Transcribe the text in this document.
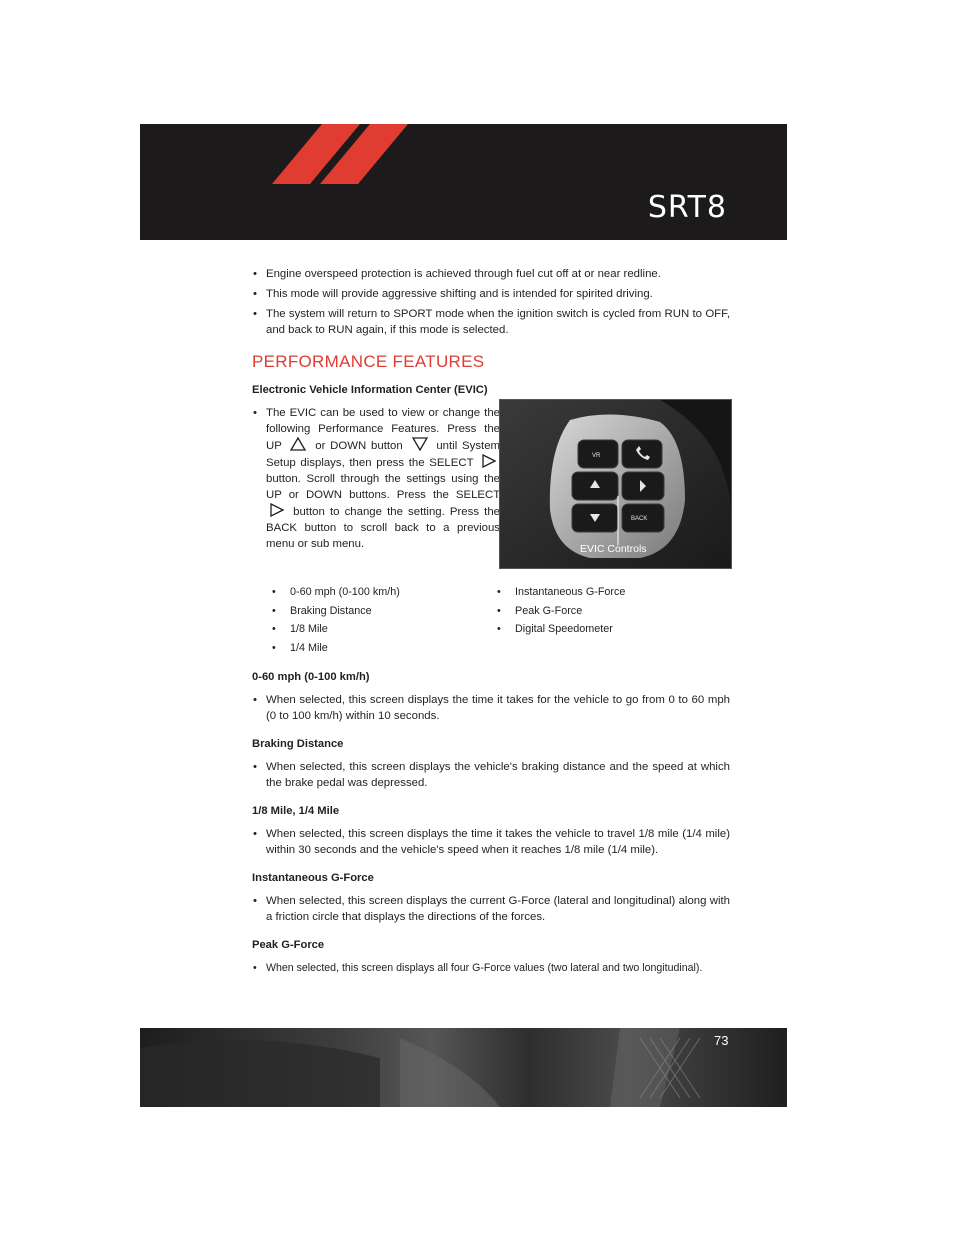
SRT8
• Engine overspeed protection is achieved through fuel cut off at or near redline.
• This mode will provide aggressive shifting and is intended for spirited driving.
• The system will return to SPORT mode when the ignition switch is cycled from RUN to OFF, and back to RUN again, if this mode is selected.
PERFORMANCE FEATURES
Electronic Vehicle Information Center (EVIC)
• The EVIC can be used to view or change the following Performance Features. Press the UP	or DOWN button	until System Setup displays, then press the SELECT  button. Scroll through the settings using the UP or DOWN buttons. Press the SELECT  button to change the setting. Press the BACK button to scroll back to a previous menu or sub menu.
VR
BACK
EVIC Controls
• 0-60 mph (0-100 km/h)	• Instantaneous G-Force
• Braking Distance	• Peak G-Force
• 1/8 Mile	• Digital Speedometer
• 1/4 Mile
0-60 mph (0-100 km/h)
• When selected, this screen displays the time it takes for the vehicle to go from 0 to 60 mph (0 to 100 km/h) within 10 seconds.
Braking Distance
• When selected, this screen displays the vehicle's braking distance and the speed at which the brake pedal was depressed.
1/8 Mile, 1/4 Mile
• When selected, this screen displays the time it takes the vehicle to travel 1/8 mile (1/4 mile) within 30 seconds and the vehicle's speed when it reaches 1/8 mile (1/4 mile).
Instantaneous G-Force
• When selected, this screen displays the current G-Force (lateral and longitudinal) along with a friction circle that displays the directions of the forces.
Peak G-Force
• When selected, this screen displays all four G-Force values (two lateral and two longitudinal).
73
